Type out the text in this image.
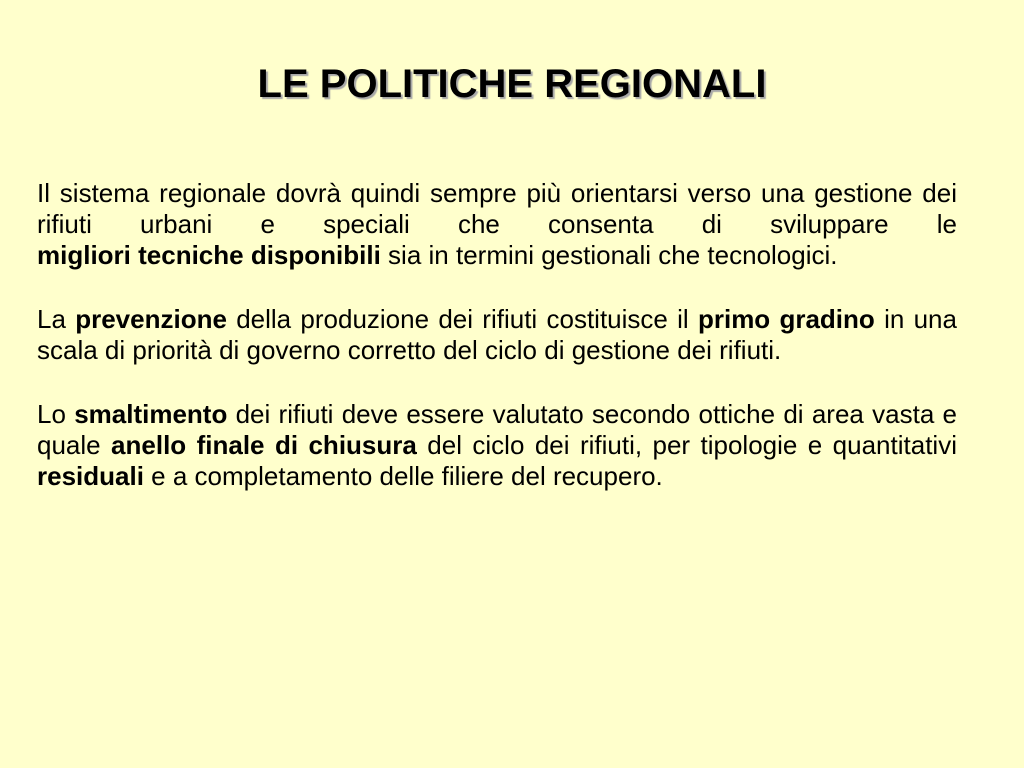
LE POLITICHE REGIONALI

Il sistema regionale dovrà quindi sempre più orientarsi verso una gestione dei rifiuti urbani e speciali che consenta di sviluppare le
migliori tecniche disponibili sia in termini gestionali che tecnologici.

La prevenzione della produzione dei rifiuti costituisce il primo gradino in una scala di priorità di governo corretto del ciclo di gestione dei rifiuti.

Lo smaltimento dei rifiuti deve essere valutato secondo ottiche di area vasta e quale anello finale di chiusura del ciclo dei rifiuti, per tipologie e quantitativi residuali e a completamento delle filiere del recupero.
